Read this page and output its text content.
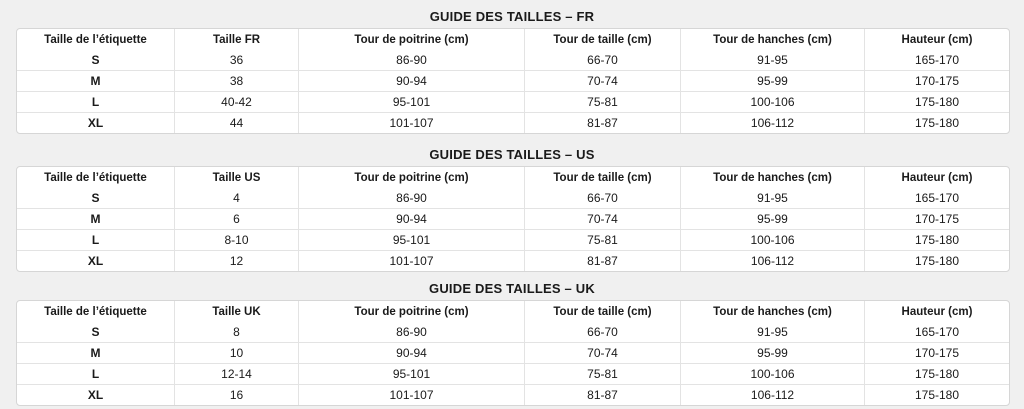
GUIDE DES TAILLES – FR
Taille de l’étiquette	Taille FR	Tour de poitrine (cm)	Tour de taille (cm)	Tour de hanches (cm)	Hauteur (cm)
S	36	86-90	66-70	91-95	165-170
M	38	90-94	70-74	95-99	170-175
L	40-42	95-101	75-81	100-106	175-180
XL	44	101-107	81-87	106-112	175-180
GUIDE DES TAILLES – US
Taille de l’étiquette	Taille US	Tour de poitrine (cm)	Tour de taille (cm)	Tour de hanches (cm)	Hauteur (cm)
S	4	86-90	66-70	91-95	165-170
M	6	90-94	70-74	95-99	170-175
L	8-10	95-101	75-81	100-106	175-180
XL	12	101-107	81-87	106-112	175-180
GUIDE DES TAILLES – UK
Taille de l’étiquette	Taille UK	Tour de poitrine (cm)	Tour de taille (cm)	Tour de hanches (cm)	Hauteur (cm)
S	8	86-90	66-70	91-95	165-170
M	10	90-94	70-74	95-99	170-175
L	12-14	95-101	75-81	100-106	175-180
XL	16	101-107	81-87	106-112	175-180
